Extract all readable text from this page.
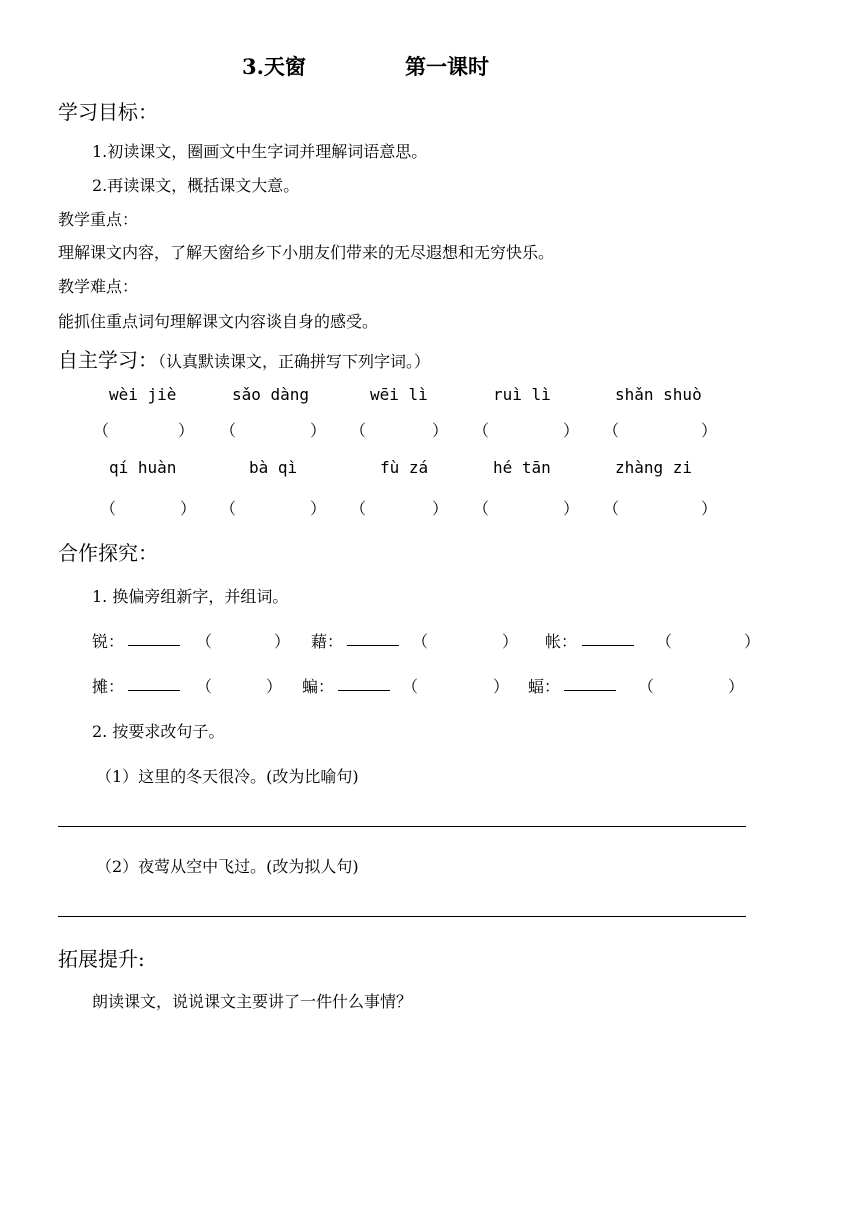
3.天窗	第一课时
学习目标：
1.初读课文，圈画文中生字词并理解词语意思。
2.再读课文，概括课文大意。
教学重点：
理解课文内容，了解天窗给乡下小朋友们带来的无尽遐想和无穷快乐。
教学难点：
能抓住重点词句理解课文内容谈自身的感受。
自主学习：（认真默读课文，正确拼写下列字词。）
wèi jiè	sǎo dàng	wēi lì	ruì lì	shǎn shuò
（	） （	） （	） （	） （	）
qí huàn	bà qì	fù zá	hé tān	zhàng zi
（	） （	） （	） （	） （	）
合作探究：
1. 换偏旁组新字，并组词。
锐：	（	） 藉：	（	） 帐：	（	）
摊：	（	） 蝙：	（	） 蝠：	（	）
2. 按要求改句子。
（1）这里的冬天很冷。(改为比喻句)
（2）夜莺从空中飞过。(改为拟人句)
拓展提升:
朗读课文，说说课文主要讲了一件什么事情？
